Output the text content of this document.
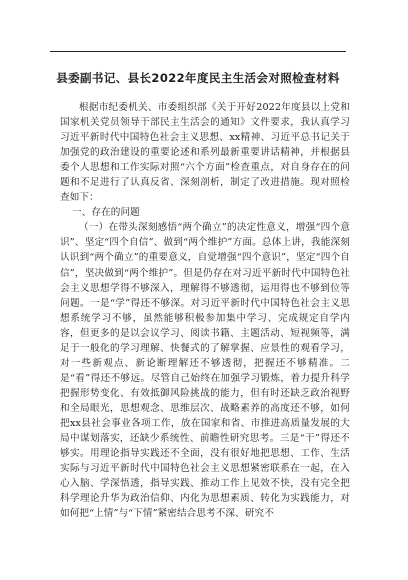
县委副书记、县长2022年度民主生活会对照检查材料

根据市纪委机关、市委组织部《关于开好2022年度县以上党和国家机关党员领导干部民主生活会的通知》文件要求，我认真学习习近平新时代中国特色社会主义思想、xx精神、习近平总书记关于加强党的政治建设的重要论述和系列最新重要讲话精神，并根据县委个人思想和工作实际对照“六个方面”检查重点，对自身存在的问题和不足进行了认真反省、深刻剖析，制定了改进措施。现对照检查如下：

一、存在的问题

（一）在带头深刻感悟“两个确立”的决定性意义，增强“四个意识”、坚定“四个自信”、做到“两个维护”方面。总体上讲，我能深刻认识到“两个确立”的重要意义，自觉增强“四个意识”，坚定“四个自信”，坚决做到“两个维护”。但是仍存在对习近平新时代中国特色社会主义思想学得不够深入，理解得不够透彻，运用得也不够到位等问题。一是“学”得还不够深。对习近平新时代中国特色社会主义思想系统学习不够，虽然能够积极参加集中学习、完成规定自学内容，但更多的是以会议学习、阅读书籍、主题活动、短视频等，满足于一般化的学习理解、快餐式的了解掌握、应景性的观看学习，对一些新观点、新论断理解还不够透彻，把握还不够精准。二是“看”得还不够远。尽管自己始终在加强学习锻炼，着力提升科学把握形势变化、有效抵御风险挑战的能力，但有时还缺乏政治视野和全局眼光，思想观念、思维层次、战略素养的高度还不够，如何把xx县社会事业各项工作，放在国家和省、市推进高质量发展的大局中谋划落实，还缺少系统性、前瞻性研究思考。三是“干”得还不够实。用理论指导实践还不全面，没有很好地把思想、工作、生活实际与习近平新时代中国特色社会主义思想紧密联系在一起，在入心入脑、学深悟透，指导实践、推动工作上见效不快，没有完全把科学理论升华为政治信仰、内化为思想素质、转化为实践能力，对如何把“上情”与“下情”紧密结合思考不深、研究不
